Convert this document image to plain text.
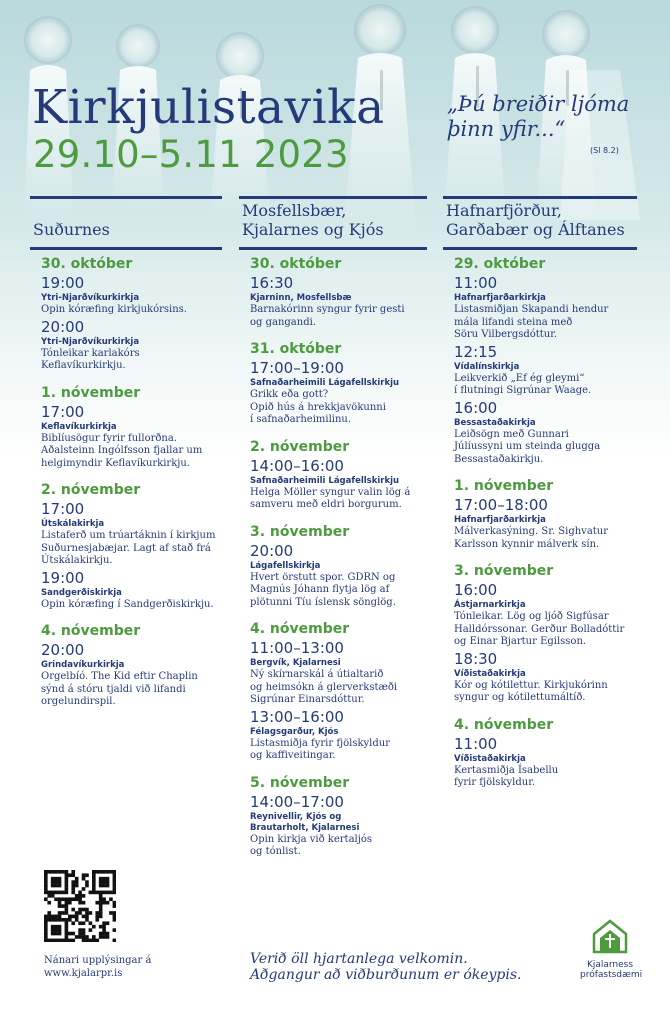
Kirkjulistavika
29.10–5.11 2023
„Þú breiðir ljóma þinn yfir...“
(Sl 8.2)
Suðurnes
30. október
19:00
Ytri-Njarðvíkurkirkja
Opin kóræfing kirkjukórsins.
20:00
Ytri-Njarðvíkurkirkja
Tónleikar karlakórs
Keflavíkurkirkju.
1. nóvember
17:00
Keflavíkurkirkja
Biblíusögur fyrir fullorðna.
Aðalsteinn Ingólfsson fjallar um
helgimyndir Keflavíkurkirkju.
2. nóvember
17:00
Útskálakirkja
Listaferð um trúartáknin í kirkjum
Suðurnesjabæjar. Lagt af stað frá
Útskálakirkju.
19:00
Sandgerðiskirkja
Opin kóræfing í Sandgerðiskirkju.
4. nóvember
20:00
Grindavíkurkirkja
Orgelbíó. The Kid eftir Chaplin
sýnd á stóru tjaldi við lifandi
orgelundirspil.
Mosfellsbær,
Kjalarnes og Kjós
30. október
16:30
Kjarninn, Mosfellsbæ
Barnakórinn syngur fyrir gesti
og gangandi.
31. október
17:00–19:00
Safnaðarheimili Lágafellskirkju
Grikk eða gott?
Opið hús á hrekkjavökunni
í safnaðarheimilinu.
2. nóvember
14:00–16:00
Safnaðarheimili Lágafellskirkju
Helga Möller syngur valin lög á
samveru með eldri borgurum.
3. nóvember
20:00
Lágafellskirkja
Hvert örstutt spor. GDRN og
Magnús Jóhann flytja lög af
plötunni Tíu íslensk sönglög.
4. nóvember
11:00–13:00
Bergvík, Kjalarnesi
Ný skírnarskál á útialtarið
og heimsókn á glerverkstæði
Sigrúnar Einarsdóttur.
13:00–16:00
Félagsgarður, Kjós
Listasmiðja fyrir fjölskyldur
og kaffiveitingar.
5. nóvember
14:00–17:00
Reynivellir, Kjós og
Brautarholt, Kjalarnesi
Opin kirkja við kertaljós
og tónlist.
Hafnarfjörður,
Garðabær og Álftanes
29. október
11:00
Hafnarfjarðarkirkja
Listasmiðjan Skapandi hendur
mála lifandi steina með
Söru Vilbergsdóttur.
12:15
Vídalínskirkja
Leikverkið „Ef ég gleymi“
í flutningi Sigrúnar Waage.
16:00
Bessastaðakirkja
Leiðsögn með Gunnari
Júlíussyni um steinda glugga
Bessastaðakirkju.
1. nóvember
17:00–18:00
Hafnarfjarðarkirkja
Málverkasýning. Sr. Sighvatur
Karlsson kynnir málverk sín.
3. nóvember
16:00
Ástjarnarkirkja
Tónleikar. Lög og ljóð Sigfúsar
Halldórssonar. Gerður Bolladóttir
og Einar Bjartur Egilsson.
18:30
Víðistaðakirkja
Kór og kótilettur. Kirkjukórinn
syngur og kótilettumáltíð.
4. nóvember
11:00
Víðistaðakirkja
Kertasmiðja Ísabellu
fyrir fjölskyldur.
Nánari upplýsingar á
www.kjalarpr.is
Verið öll hjartanlega velkomin.
Aðgangur að viðburðunum er ókeypis.
Kjalarness
prófastsdæmi
